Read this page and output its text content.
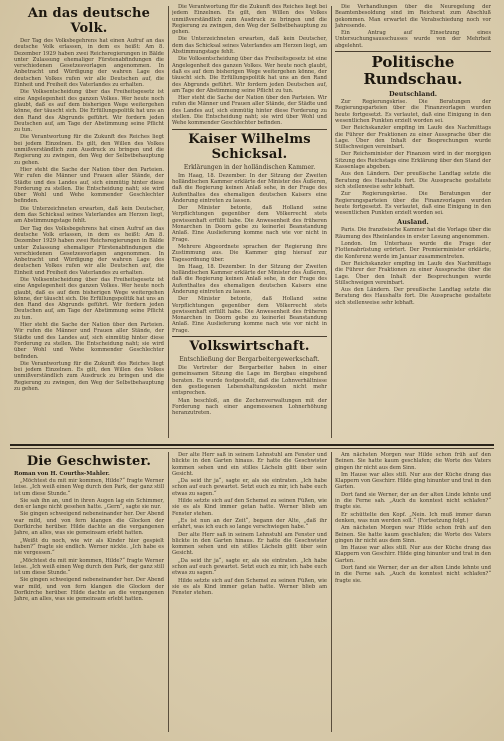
An das deutsche Volk.

Der Tag des Volksbegehrens hat einen Aufruf an das deutsche Volk erlassen, in dem es heißt: Am 8. Dezember 1929 haben zwei Reichsregierungen in Bälde unter Zulassung ehemaliger Fürstenabfindungen die verschiedenen Gesetzesvorlagen angenommen. In Anbetracht und Würdigung der wahren Lage des deutschen Volkes rufen wir alle Deutschen auf, die Einheit und Freiheit des Vaterlandes zu erhalten.

Die Volksentscheidung über das Freiheitsgesetz ist eine Angelegenheit des ganzen Volkes. Wer heute noch glaubt, daß es auf dem bisherigen Wege weitergehen könne, der täuscht sich. Die Erfüllungspolitik hat uns an den Rand des Abgrunds geführt. Wir fordern jeden Deutschen auf, am Tage der Abstimmung seine Pflicht zu tun.

Die Verantwortung für die Zukunft des Reiches liegt bei jedem Einzelnen. Es gilt, den Willen des Volkes unmißverständlich zum Ausdruck zu bringen und die Regierung zu zwingen, den Weg der Selbstbehauptung zu gehen.

Hier steht die Sache der Nation über den Parteien. Wir rufen die Männer und Frauen aller Stände, der Städte und des Landes auf, sich einmütig hinter diese Forderung zu stellen. Die Entscheidung naht; sie wird über Wohl und Wehe kommender Geschlechter befinden.

Die Unterzeichneten erwarten, daß kein Deutscher, dem das Schicksal seines Vaterlandes am Herzen liegt, am Abstimmungstage fehlt.

Der Tag des Volksbegehrens hat einen Aufruf an das deutsche Volk erlassen, in dem es heißt: Am 8. Dezember 1929 haben zwei Reichsregierungen in Bälde unter Zulassung ehemaliger Fürstenabfindungen die verschiedenen Gesetzesvorlagen angenommen. In Anbetracht und Würdigung der wahren Lage des deutschen Volkes rufen wir alle Deutschen auf, die Einheit und Freiheit des Vaterlandes zu erhalten.

Die Volksentscheidung über das Freiheitsgesetz ist eine Angelegenheit des ganzen Volkes. Wer heute noch glaubt, daß es auf dem bisherigen Wege weitergehen könne, der täuscht sich. Die Erfüllungspolitik hat uns an den Rand des Abgrunds geführt. Wir fordern jeden Deutschen auf, am Tage der Abstimmung seine Pflicht zu tun.

Hier steht die Sache der Nation über den Parteien. Wir rufen die Männer und Frauen aller Stände, der Städte und des Landes auf, sich einmütig hinter diese Forderung zu stellen. Die Entscheidung naht; sie wird über Wohl und Wehe kommender Geschlechter befinden.

Die Verantwortung für die Zukunft des Reiches liegt bei jedem Einzelnen. Es gilt, den Willen des Volkes unmißverständlich zum Ausdruck zu bringen und die Regierung zu zwingen, den Weg der Selbstbehauptung zu gehen.

Die Verantwortung für die Zukunft des Reiches liegt bei jedem Einzelnen. Es gilt, den Willen des Volkes unmißverständlich zum Ausdruck zu bringen und die Regierung zu zwingen, den Weg der Selbstbehauptung zu gehen.

Die Unterzeichneten erwarten, daß kein Deutscher, dem das Schicksal seines Vaterlandes am Herzen liegt, am Abstimmungstage fehlt.

Die Volksentscheidung über das Freiheitsgesetz ist eine Angelegenheit des ganzen Volkes. Wer heute noch glaubt, daß es auf dem bisherigen Wege weitergehen könne, der täuscht sich. Die Erfüllungspolitik hat uns an den Rand des Abgrunds geführt. Wir fordern jeden Deutschen auf, am Tage der Abstimmung seine Pflicht zu tun.

Hier steht die Sache der Nation über den Parteien. Wir rufen die Männer und Frauen aller Stände, der Städte und des Landes auf, sich einmütig hinter diese Forderung zu stellen. Die Entscheidung naht; sie wird über Wohl und Wehe kommender Geschlechter befinden.

Kaiser Wilhelms Schicksal.
Erklärungen in der holländischen Kammer.

Im Haag, 18. Dezember. In der Sitzung der Zweiten holländischen Kammer erklärte der Minister des Äußeren, daß die Regierung keinen Anlaß sehe, in der Frage des Aufenthaltes des ehemaligen deutschen Kaisers eine Änderung eintreten zu lassen.

Der Minister betonte, daß Holland seine Verpflichtungen gegenüber dem Völkerrecht stets gewissenhaft erfüllt habe. Die Anwesenheit des früheren Monarchen in Doorn gebe zu keinerlei Beanstandung Anlaß. Eine Auslieferung komme nach wie vor nicht in Frage.

Mehrere Abgeordnete sprachen der Regierung ihre Zustimmung aus. Die Kammer ging hierauf zur Tagesordnung über.

Im Haag, 18. Dezember. In der Sitzung der Zweiten holländischen Kammer erklärte der Minister des Äußeren, daß die Regierung keinen Anlaß sehe, in der Frage des Aufenthaltes des ehemaligen deutschen Kaisers eine Änderung eintreten zu lassen.

Der Minister betonte, daß Holland seine Verpflichtungen gegenüber dem Völkerrecht stets gewissenhaft erfüllt habe. Die Anwesenheit des früheren Monarchen in Doorn gebe zu keinerlei Beanstandung Anlaß. Eine Auslieferung komme nach wie vor nicht in Frage.

Volkswirtschaft.
Entschließung der Bergarbeitergewerkschaft.

Die Vertreter der Bergarbeiter haben in einer gemeinsamen Sitzung die Lage im Bergbau eingehend beraten. Es wurde festgestellt, daß die Lohnverhältnisse den gestiegenen Lebenshaltungskosten nicht mehr entsprechen.

Man beschloß, an die Zechenverwaltungen mit der Forderung nach einer angemessenen Lohnerhöhung heranzutreten.

Die Verhandlungen über die Neuregelung der Beamtenbesoldung sind im Reichsrat zum Abschluß gekommen. Man erwartet die Verabschiedung noch vor Jahresende.

Ein Antrag auf Einsetzung eines Untersuchungsausschusses wurde von der Mehrheit abgelehnt.

Politische Rundschau.
Deutschland.

Zur Regierungskrise. Die Beratungen der Regierungsparteien über die Finanzvorlagen wurden heute fortgesetzt. Es verlautet, daß eine Einigung in den wesentlichen Punkten erzielt worden sei.

Der Reichskanzler empfing im Laufe des Nachmittags die Führer der Fraktionen zu einer Aussprache über die Lage. Über den Inhalt der Besprechungen wurde Stillschweigen vereinbart.

Der Reichsminister der Finanzen wird in der morgigen Sitzung des Reichstags eine Erklärung über den Stand der Kassenlage abgeben.

Aus den Ländern. Der preußische Landtag setzte die Beratung des Haushalts fort. Die Aussprache gestaltete sich stellenweise sehr lebhaft.

Zur Regierungskrise. Die Beratungen der Regierungsparteien über die Finanzvorlagen wurden heute fortgesetzt. Es verlautet, daß eine Einigung in den wesentlichen Punkten erzielt worden sei.

Ausland.

Paris. Die französische Kammer hat die Vorlage über die Räumung des Rheinlandes in erster Lesung angenommen.

London. Im Unterhaus wurde die Frage der Flottenabrüstung erörtert. Der Premierminister erklärte, die Konferenz werde im Januar zusammentreten.

Der Reichskanzler empfing im Laufe des Nachmittags die Führer der Fraktionen zu einer Aussprache über die Lage. Über den Inhalt der Besprechungen wurde Stillschweigen vereinbart.

Aus den Ländern. Der preußische Landtag setzte die Beratung des Haushalts fort. Die Aussprache gestaltete sich stellenweise sehr lebhaft.

Die Geschwister.
Roman von H. Courths-Mahler.

„Möchtest du mit mir kommen, Hilde?“ fragte Werner leise. „Ich weiß einen Weg durch den Park, der ganz still ist um diese Stunde.“

Sie sah ihn an, und in ihren Augen lag ein Schimmer, den er lange nicht gesehen hatte. „Gern“, sagte sie nur.

Sie gingen schweigend nebeneinander her. Der Abend war mild, und von fern klangen die Glocken der Dorfkirche herüber. Hilde dachte an die vergangenen Jahre, an alles, was sie gemeinsam erlebt hatten.

„Weißt du noch, wie wir als Kinder hier gespielt haben?“ fragte sie endlich. Werner nickte. „Ich habe es nie vergessen.“

„Möchtest du mit mir kommen, Hilde?“ fragte Werner leise. „Ich weiß einen Weg durch den Park, der ganz still ist um diese Stunde.“

Sie gingen schweigend nebeneinander her. Der Abend war mild, und von fern klangen die Glocken der Dorfkirche herüber. Hilde dachte an die vergangenen Jahre, an alles, was sie gemeinsam erlebt hatten.

Der alte Herr saß in seinem Lehnstuhl am Fenster und blickte in den Garten hinaus. Er hatte die Geschwister kommen sehen und ein stilles Lächeln glitt über sein Gesicht.

„Da seid ihr ja“, sagte er, als sie eintraten. „Ich habe schon auf euch gewartet. Setzt euch zu mir, ich habe euch etwas zu sagen.“

Hilde setzte sich auf den Schemel zu seinen Füßen, wie sie es als Kind immer getan hatte. Werner blieb am Fenster stehen.

„Es ist nun an der Zeit“, begann der Alte, „daß ihr erfahrt, was ich euch so lange verschwiegen habe.“

Der alte Herr saß in seinem Lehnstuhl am Fenster und blickte in den Garten hinaus. Er hatte die Geschwister kommen sehen und ein stilles Lächeln glitt über sein Gesicht.

„Da seid ihr ja“, sagte er, als sie eintraten. „Ich habe schon auf euch gewartet. Setzt euch zu mir, ich habe euch etwas zu sagen.“

Hilde setzte sich auf den Schemel zu seinen Füßen, wie sie es als Kind immer getan hatte. Werner blieb am Fenster stehen.

Am nächsten Morgen war Hilde schon früh auf den Beinen. Sie hatte kaum geschlafen; die Worte des Vaters gingen ihr nicht aus dem Sinn.

Im Hause war alles still. Nur aus der Küche drang das Klappern von Geschirr. Hilde ging hinunter und trat in den Garten.

Dort fand sie Werner, der an der alten Linde lehnte und in die Ferne sah. „Auch du konntest nicht schlafen?“ fragte sie.

Er schüttelte den Kopf. „Nein. Ich muß immer daran denken, was nun werden soll.“ (Fortsetzung folgt.)

Am nächsten Morgen war Hilde schon früh auf den Beinen. Sie hatte kaum geschlafen; die Worte des Vaters gingen ihr nicht aus dem Sinn.

Im Hause war alles still. Nur aus der Küche drang das Klappern von Geschirr. Hilde ging hinunter und trat in den Garten.

Dort fand sie Werner, der an der alten Linde lehnte und in die Ferne sah. „Auch du konntest nicht schlafen?“ fragte sie.
